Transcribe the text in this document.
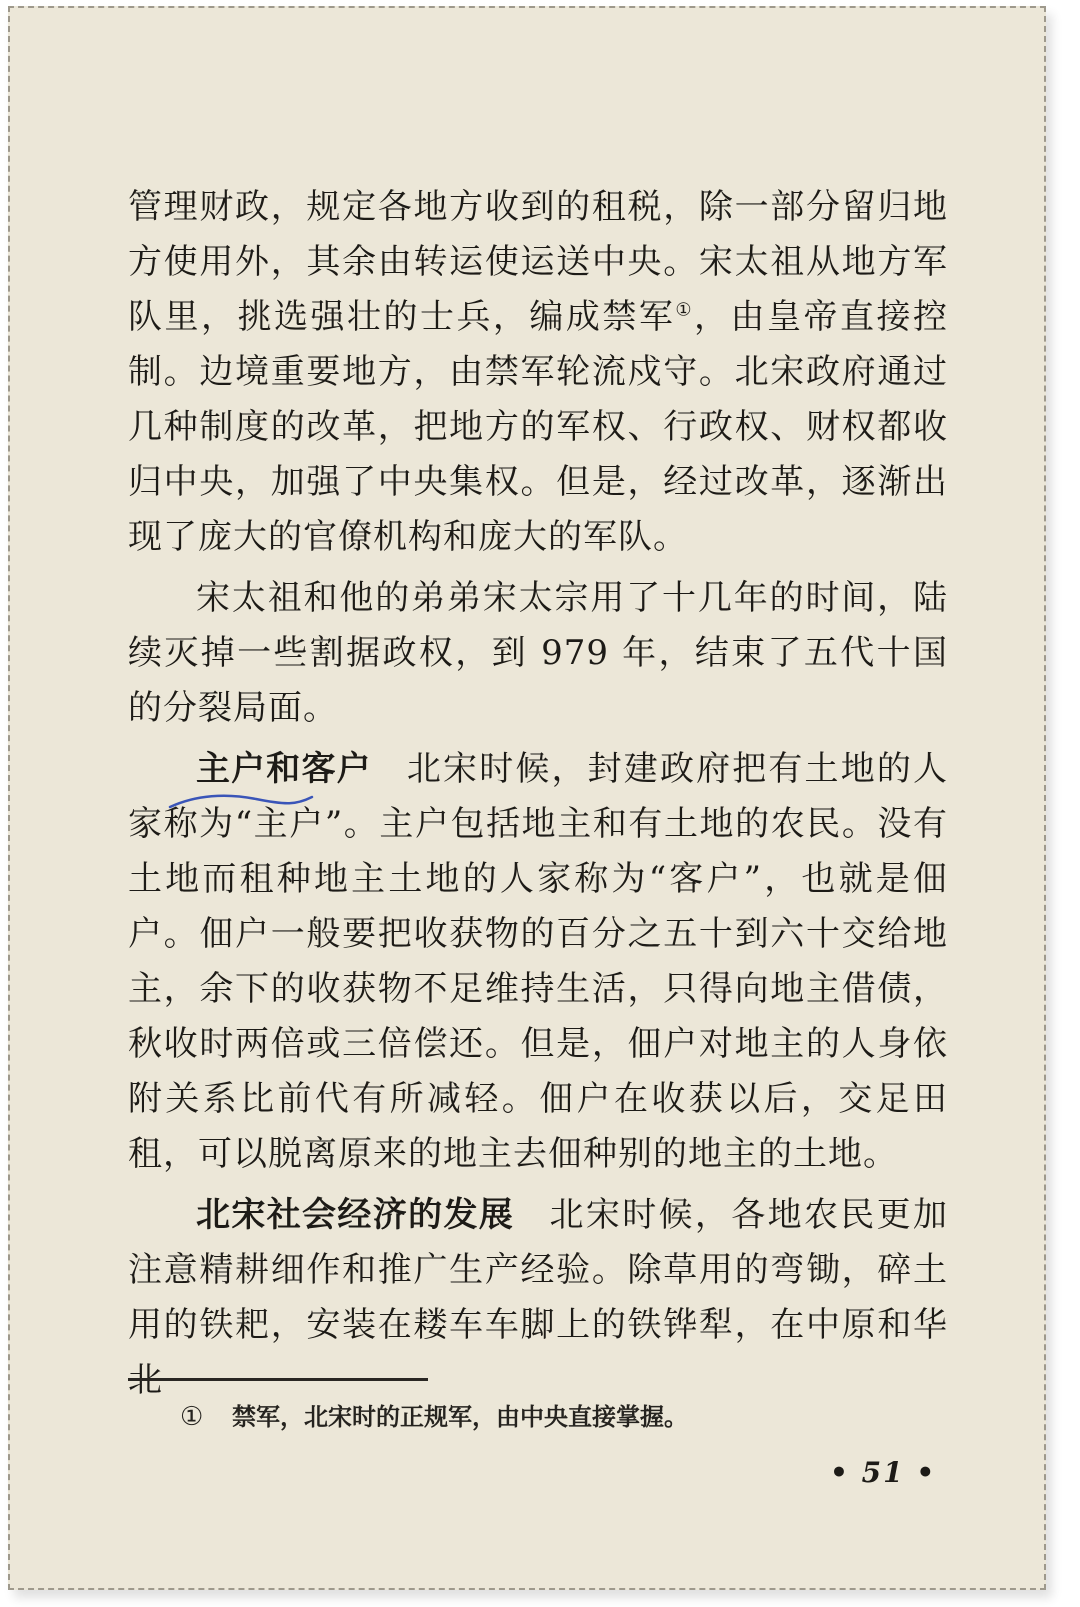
管理财政，规定各地方收到的租税，除一部分留归地方使用外，其余由转运使运送中央。宋太祖从地方军队里，挑选强壮的士兵，编成禁军①，由皇帝直接控制。边境重要地方，由禁军轮流戍守。北宋政府通过几种制度的改革，把地方的军权、行政权、财权都收归中央，加强了中央集权。但是，经过改革，逐渐出现了庞大的官僚机构和庞大的军队。

宋太祖和他的弟弟宋太宗用了十几年的时间，陆续灭掉一些割据政权，到 979 年，结束了五代十国的分裂局面。

主户和客户 北宋时候，封建政府把有土地的人家称为“主户”。主户包括地主和有土地的农民。没有土地而租种地主土地的人家称为“客户”，也就是佃户。佃户一般要把收获物的百分之五十到六十交给地主，余下的收获物不足维持生活，只得向地主借债，秋收时两倍或三倍偿还。但是，佃户对地主的人身依附关系比前代有所减轻。佃户在收获以后，交足田租，可以脱离原来的地主去佃种别的地主的土地。

北宋社会经济的发展 北宋时候，各地农民更加注意精耕细作和推广生产经验。除草用的弯锄，碎土用的铁耙，安装在耧车车脚上的铁铧犁，在中原和华北

① 禁军，北宋时的正规军，由中央直接掌握。
• 51 •
